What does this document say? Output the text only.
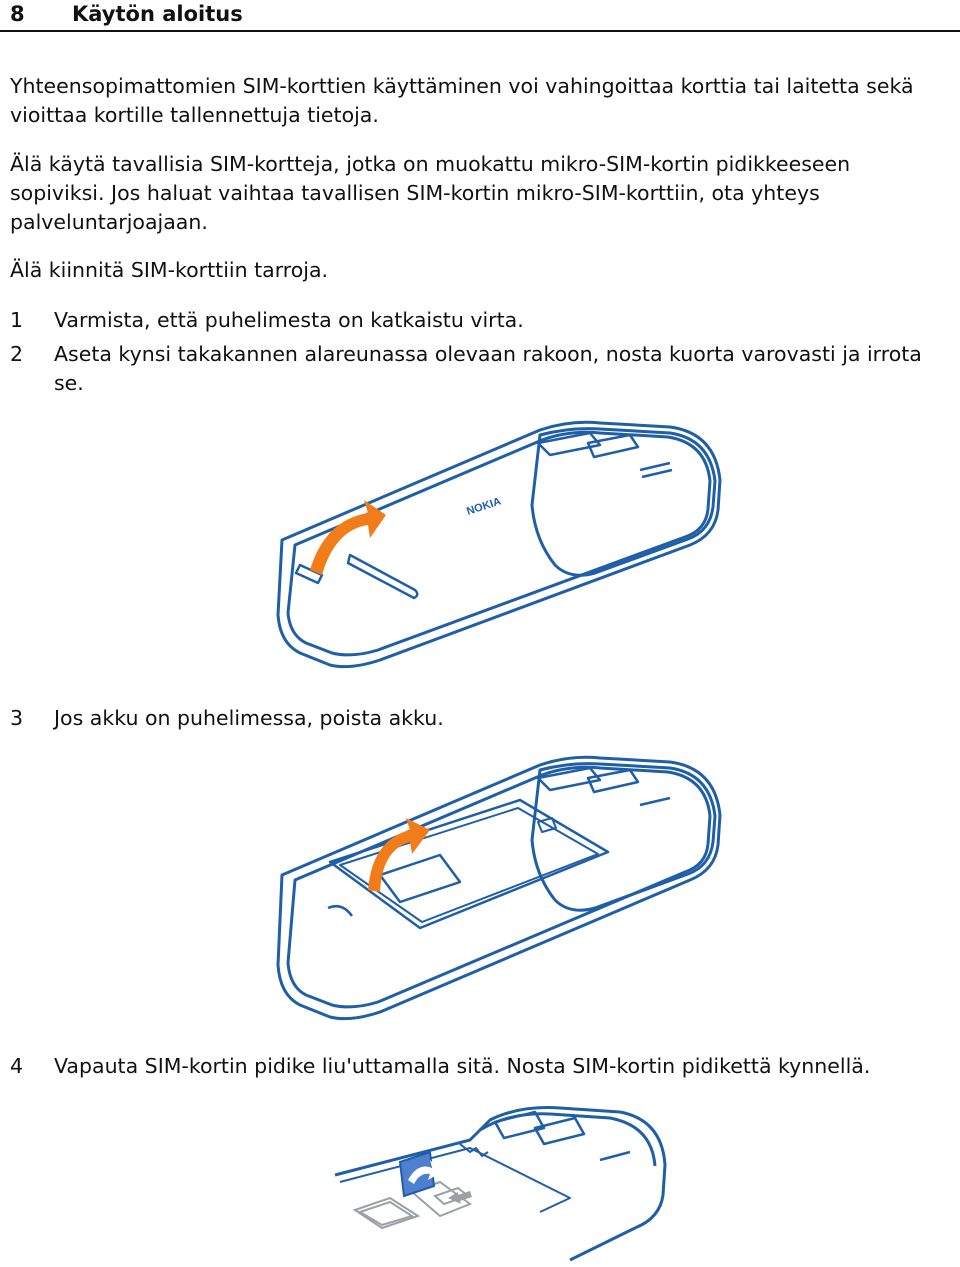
8 Käytön aloitus

Yhteensopimattomien SIM-korttien käyttäminen voi vahingoittaa korttia tai laitetta sekä vioittaa kortille tallennettuja tietoja.

Älä käytä tavallisia SIM-kortteja, jotka on muokattu mikro-SIM-kortin pidikkeeseen sopiviksi. Jos haluat vaihtaa tavallisen SIM-kortin mikro-SIM-korttiin, ota yhteys palveluntarjoajaan.

Älä kiinnitä SIM-korttiin tarroja.

1 Varmista, että puhelimesta on katkaistu virta.
2 Aseta kynsi takakannen alareunassa olevaan rakoon, nosta kuorta varovasti ja irrota se.
NOKIA
3 Jos akku on puhelimessa, poista akku.
4 Vapauta SIM-kortin pidike liu'uttamalla sitä. Nosta SIM-kortin pidikettä kynnellä.
